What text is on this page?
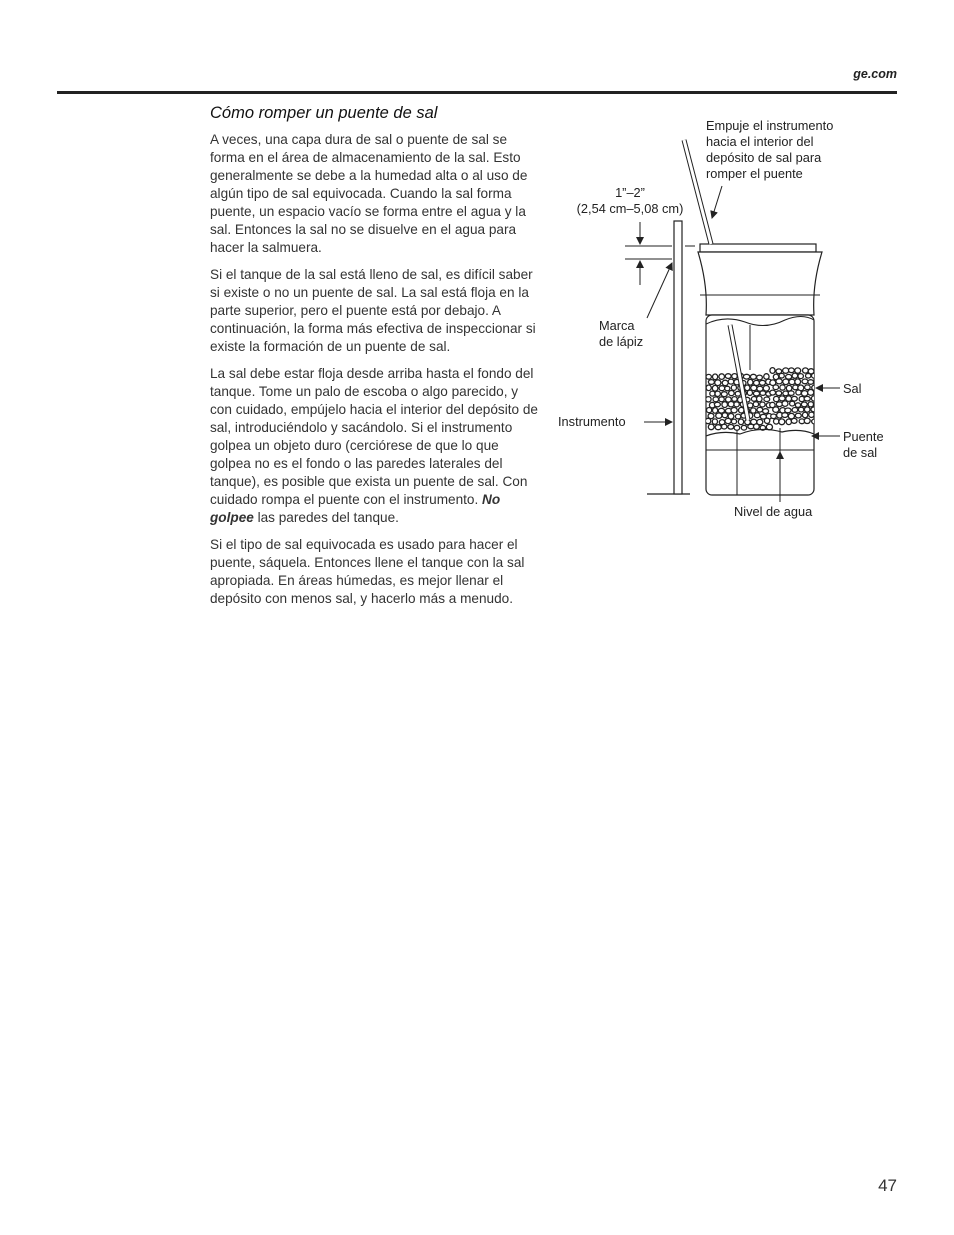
ge.com
Cómo romper un puente de sal

A veces, una capa dura de sal o puente de sal se forma en el área de almacenamiento de la sal. Esto generalmente se debe a la humedad alta o al uso de algún tipo de sal equivocada. Cuando la sal forma puente, un espacio vacío se forma entre el agua y la sal. Entonces la sal no se disuelve en el agua para hacer la salmuera.

Si el tanque de la sal está lleno de sal, es difícil saber si existe o no un puente de sal. La sal está floja en la parte superior, pero el puente está por debajo. A continuación, la forma más efectiva de inspeccionar si existe la formación de un puente de sal.

La sal debe estar floja desde arriba hasta el fondo del tanque. Tome un palo de escoba o algo parecido, y con cuidado, empújelo hacia el interior del depósito de sal, introduciéndolo y sacándolo. Si el instrumento golpea un objeto duro (cerciórese de que lo que golpea no es el fondo o las paredes laterales del tanque), es posible que exista un puente de sal. Con cuidado rompa el puente con el instrumento. No golpee las paredes del tanque.

Si el tipo de sal equivocada es usado para hacer el puente, sáquela. Entonces llene el tanque con la sal apropiada. En áreas húmedas, es mejor llenar el depósito con menos sal, y hacerlo más a menudo.

Empuje el instrumento
hacia el interior del
depósito de sal para
romper el puente
1”–2”
(2,54 cm–5,08 cm)
Marca
de lápiz
Instrumento
Sal
Puente
de sal
Nivel de agua
47
